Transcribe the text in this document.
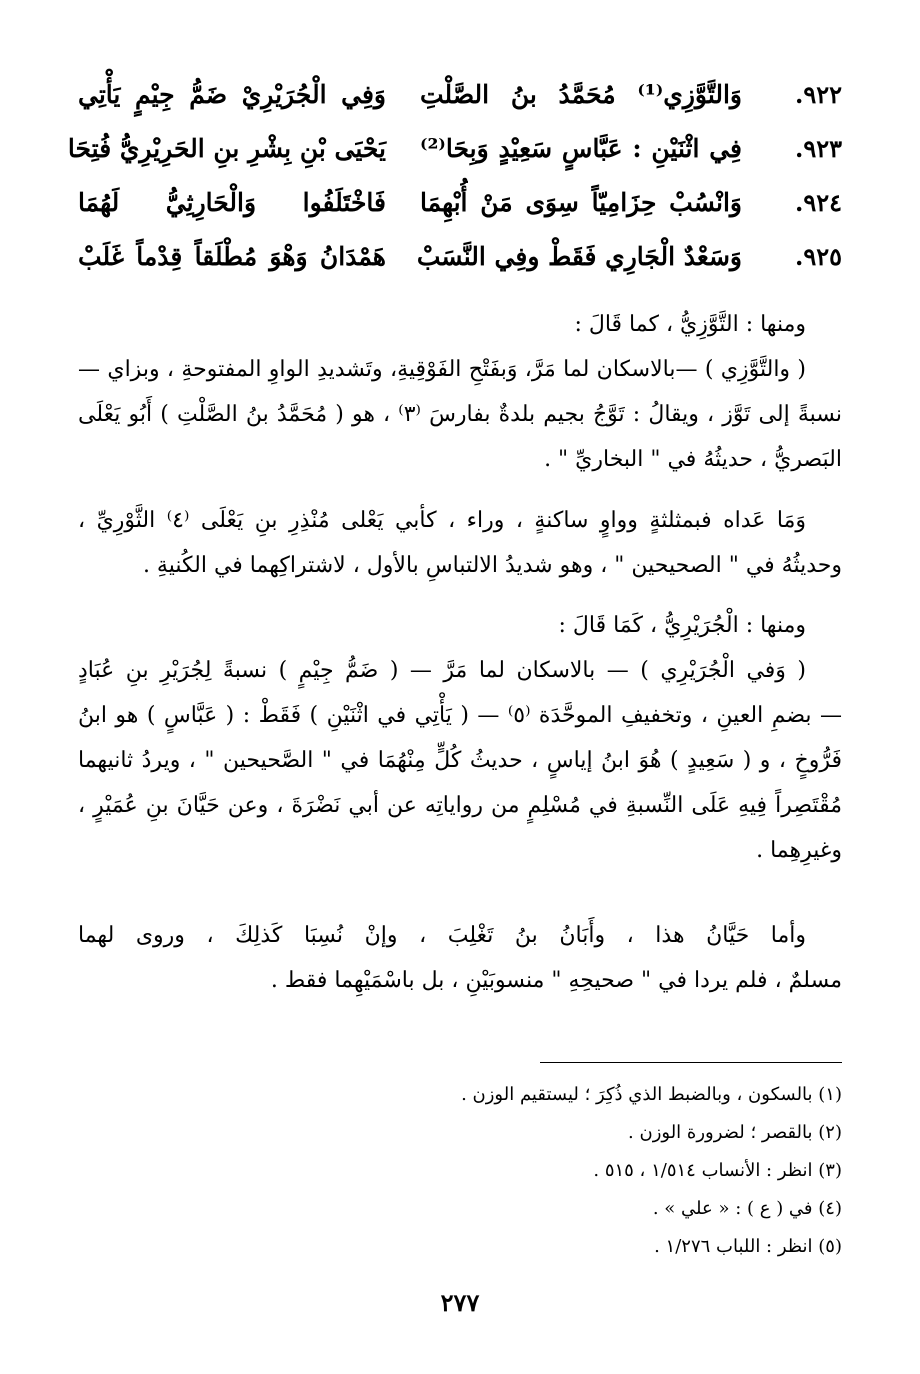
٩٢٢.
وَالتَّوَّزِي⁽¹⁾ مُحَمَّدُ بنُ الصَّلْتِ
وَفِي الْجُرَيْرِيْ ضَمُّ جِيْمٍ يَأْتِي
٩٢٣.
فِي اثْنَيْنِ : عَبَّاسٍ سَعِيْدٍ وَبِحَا⁽²⁾
يَحْيَى بْنِ بِشْرِ بنِ الحَرِيْرِيُّ فُتِحَا
٩٢٤.
وَانْسُبْ حِزَامِيّاً سِوَى مَنْ أُبْهِمَا
فَاخْتَلَفُوا وَالْحَارِثِيُّ لَهُمَا
٩٢٥.
وَسَعْدٌ الْجَارِي فَقَطْ وفِي النَّسَبْ
هَمْدَانُ وَهْوَ مُطْلَقاً قِدْماً غَلَبْ
ومنها : التَّوَّزِيُّ ، كما قَالَ :
( والتَّوَّزِي ) —بالاسكان لما مَرَّ، وَبفَتْحِ الفَوْقِيةِ، وتَشديدِ الواوِ المفتوحةِ ، وبزاي —
نسبةً إلى تَوَّز ، ويقالُ : تَوَّجُ بجيم بلدةٌ بفارسَ ⁽٣⁾ ، هو ( مُحَمَّدُ بنُ الصَّلْتِ ) أَبُو يَعْلَى
البَصريُّ ، حديثُهُ في " البخاريِّ " .
وَمَا عَداه فبمثلثةٍ وواوٍ ساكنةٍ ، وراء ، كأبي يَعْلى مُنْذِرِ بنِ يَعْلَى ⁽٤⁾ الثَّوْرِيِّ ،
وحديثُهُ في " الصحيحين " ، وهو شديدُ الالتباسِ بالأول ، لاشتراكِهما في الكُنيةِ .
ومنها : الْجُرَيْرِيُّ ، كَمَا قَالَ :
( وَفي الْجُرَيْرِي ) — بالاسكان لما مَرَّ — ( ضَمُّ جِيْمٍ ) نسبةً لِجُرَيْرِ بنِ عُبَادٍ
— بضمِ العينِ ، وتخفيفِ الموحَّدَة ⁽٥⁾ — ( يَأْتِي في اثْنَيْنِ ) فَقَطْ : ( عَبَّاسٍ ) هو ابنُ
فَرُّوخٍ ، و ( سَعِيدٍ ) هُوَ ابنُ إياسٍ ، حديثُ كُلٍّ مِنْهُمَا في " الصَّحيحين " ، ويردُ ثانيهما
مُقْتَصِراً فِيهِ عَلَى النِّسبةِ في مُسْلِمٍ من رواياتِه عن أبي نَضْرَةَ ، وعن حَيَّانَ بنِ عُمَيْرٍ ،
وغيرِهِما .
وأما حَيَّانُ هذا ، وأَبَانُ بنُ تَغْلِبَ ، وإنْ نُسِبَا كَذلِكَ ، وروى لهما
مسلمٌ ، فلم يردا في " صحيحِهِ " منسوبَيْنِ ، بل باسْمَيْهِما فقط .
(١) بالسكون ، وبالضبط الذي ذُكِرَ ؛ ليستقيم الوزن .
(٢) بالقصر ؛ لضرورة الوزن .
(٣) انظر : الأنساب ١/٥١٤ ، ٥١٥ .
(٤) في ( ع ) : « علي » .
(٥) انظر : اللباب ١/٢٧٦ .
٢٧٧
